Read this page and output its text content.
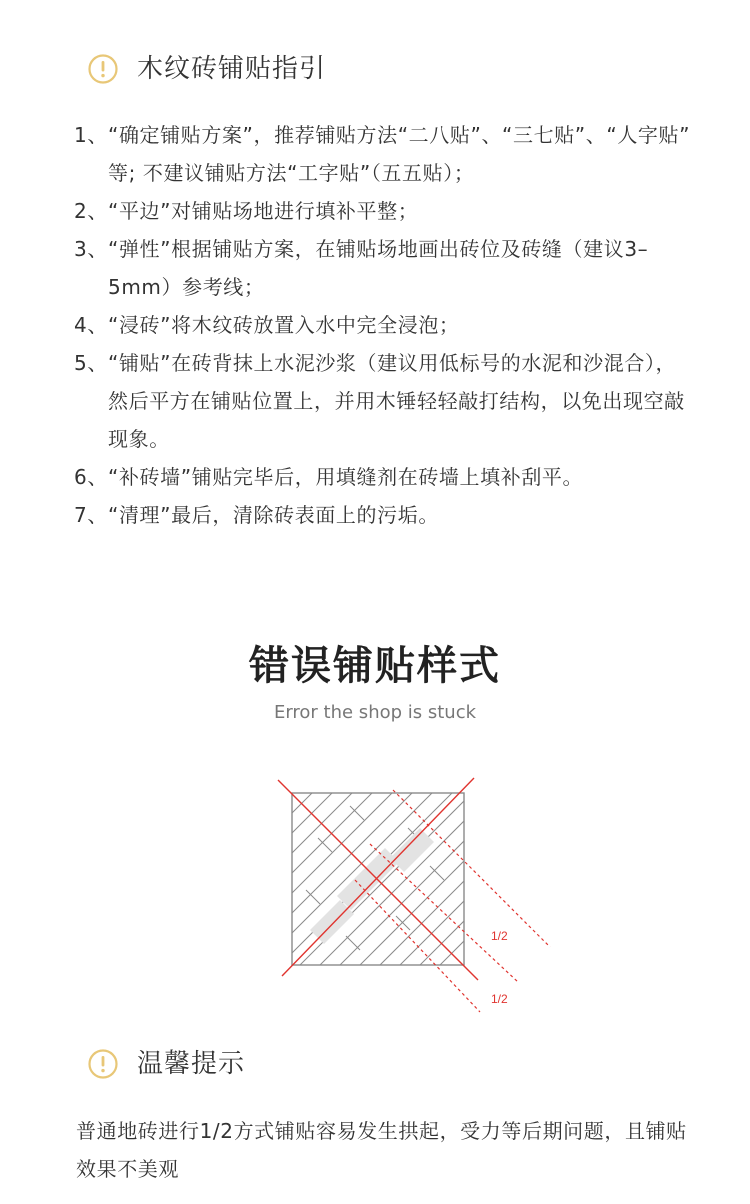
木纹砖铺贴指引
1、 “确定铺贴方案”，推荐铺贴方法“二八贴”、“三七贴”、“人字贴” 等; 不建议铺贴方法“工字贴”（五五贴）；
2、 “平边”对铺贴场地进行填补平整；
3、 “弹性”根据铺贴方案，在铺贴场地画出砖位及砖缝（建议3–5mm）参考线；
4、 “浸砖”将木纹砖放置入水中完全浸泡；
5、 “铺贴”在砖背抹上水泥沙浆（建议用低标号的水泥和沙混合），然后平方在铺贴位置上，并用木锤轻轻敲打结构，以免出现空敲现象。
6、 “补砖墙”铺贴完毕后，用填缝剂在砖墙上填补刮平。
7、 “清理”最后，清除砖表面上的污垢。
错误铺贴样式
Error the shop is stuck
1/2
1/2
温馨提示

普通地砖进行1/2方式铺贴容易发生拱起，受力等后期问题，且铺贴效果不美观
